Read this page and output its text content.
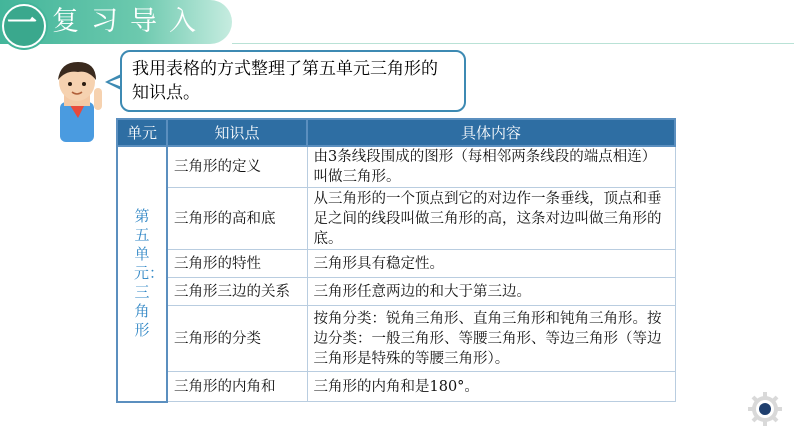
一 复习导入
我用表格的方式整理了第五单元三角形的知识点。
单元	知识点	具体内容

第五单元：三角形	三角形的定义	由3条线段围成的图形（每相邻两条线段的端点相连）叫做三角形。
	三角形的高和底	从三角形的一个顶点到它的对边作一条垂线，顶点和垂足之间的线段叫做三角形的高，这条对边叫做三角形的底。
	三角形的特性	三角形具有稳定性。
	三角形三边的关系	三角形任意两边的和大于第三边。
	三角形的分类	按角分类：锐角三角形、直角三角形和钝角三角形。按边分类：一般三角形、等腰三角形、等边三角形（等边三角形是特殊的等腰三角形）。
	三角形的内角和	三角形的内角和是180°。
